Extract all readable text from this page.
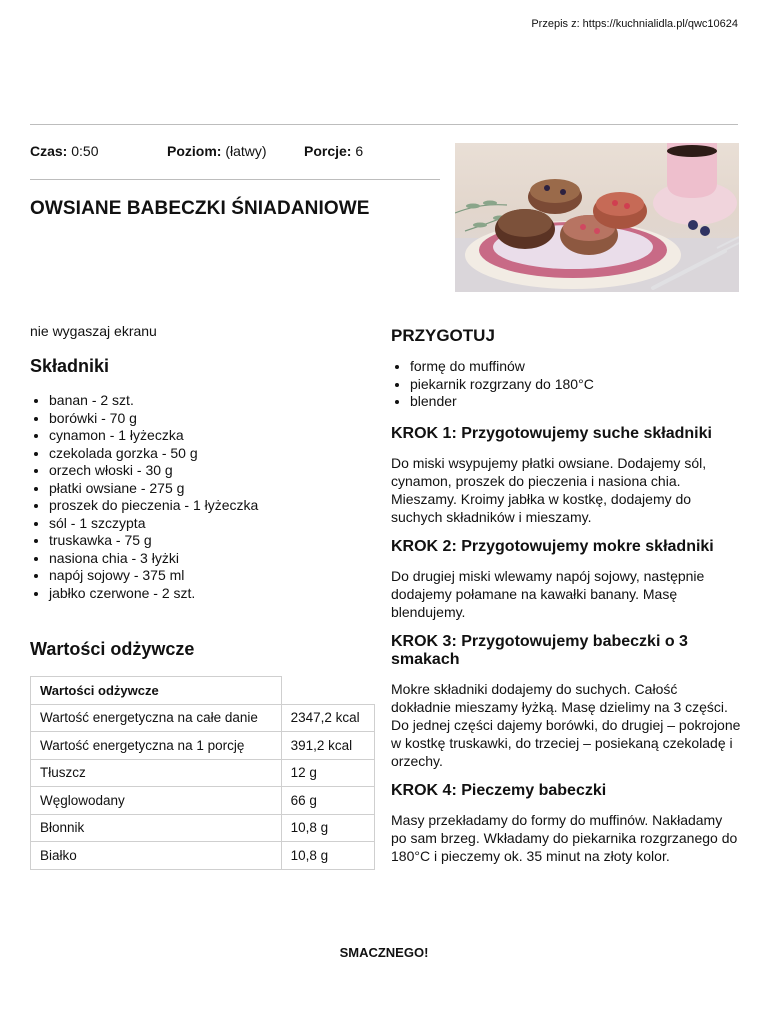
Przepis z: https://kuchnialidla.pl/qwc10624
Czas: 0:50	Poziom: (łatwy)	Porcje: 6
OWSIANE BABECZKI ŚNIADANIOWE

nie wygaszaj ekranu

Składniki
• banan - 2 szt.
• borówki - 70 g
• cynamon - 1 łyżeczka
• czekolada gorzka - 50 g
• orzech włoski - 30 g
• płatki owsiane - 275 g
• proszek do pieczenia - 1 łyżeczka
• sól - 1 szczypta
• truskawka - 75 g
• nasiona chia - 3 łyżki
• napój sojowy - 375 ml
• jabłko czerwone - 2 szt.
Wartości odżywcze
Wartości odżywcze	
Wartość energetyczna na całe danie	2347,2 kcal
Wartość energetyczna na 1 porcję	391,2 kcal
Tłuszcz	12 g
Węglowodany	66 g
Błonnik	10,8 g
Białko	10,8 g
PRZYGOTUJ
• formę do muffinów
• piekarnik rozgrzany do 180°C
• blender
KROK 1: Przygotowujemy suche składniki

Do miski wsypujemy płatki owsiane. Dodajemy sól, cynamon, proszek do pieczenia i nasiona chia. Mieszamy. Kroimy jabłka w kostkę, dodajemy do suchych składników i mieszamy.

KROK 2: Przygotowujemy mokre składniki

Do drugiej miski wlewamy napój sojowy, następnie dodajemy połamane na kawałki banany. Masę blendujemy.

KROK 3: Przygotowujemy babeczki o 3 smakach

Mokre składniki dodajemy do suchych. Całość dokładnie mieszamy łyżką. Masę dzielimy na 3 części. Do jednej części dajemy borówki, do drugiej – pokrojone w kostkę truskawki, do trzeciej – posiekaną czekoladę i orzechy.

KROK 4: Pieczemy babeczki

Masy przekładamy do formy do muffinów. Nakładamy po sam brzeg. Wkładamy do piekarnika rozgrzanego do 180°C i pieczemy ok. 35 minut na złoty kolor.

SMACZNEGO!
